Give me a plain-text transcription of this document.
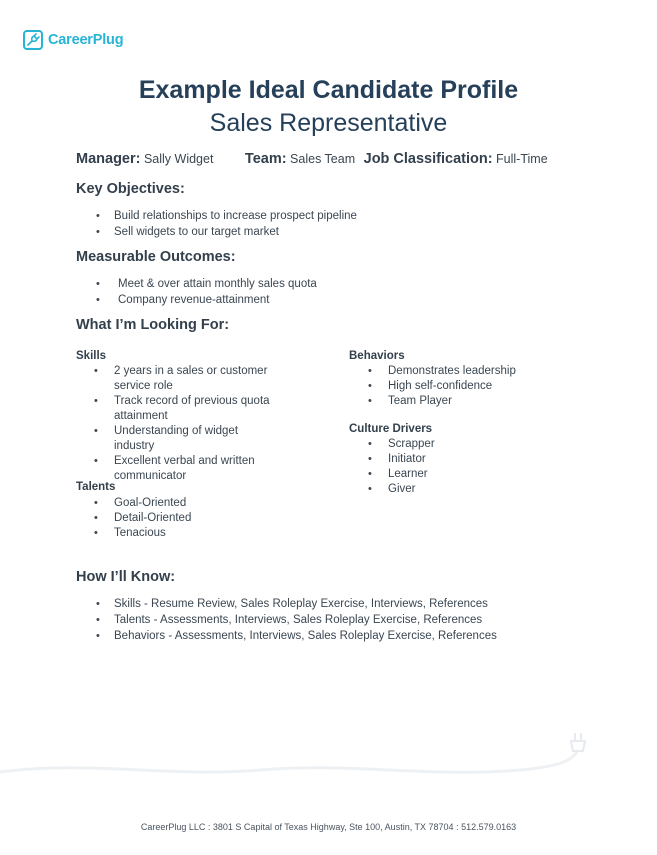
CareerPlug
Example Ideal Candidate Profile
Sales Representative
Manager: Sally Widget Team: Sales Team Job Classification: Full-Time
Key Objectives:
• Build relationships to increase prospect pipeline
• Sell widgets to our target market
Measurable Outcomes:
• Meet & over attain monthly sales quota
• Company revenue-attainment
What I’m Looking For:
Skills
• 2 years in a sales or customer service role
• Track record of previous quota attainment
• Understanding of widget industry
• Excellent verbal and written communicator
Talents
• Goal-Oriented
• Detail-Oriented
• Tenacious
Behaviors
• Demonstrates leadership
• High self-confidence
• Team Player
Culture Drivers
• Scrapper
• Initiator
• Learner
• Giver
How I’ll Know:
• Skills - Resume Review, Sales Roleplay Exercise, Interviews, References
• Talents - Assessments, Interviews, Sales Roleplay Exercise, References
• Behaviors - Assessments, Interviews, Sales Roleplay Exercise, References
CareerPlug LLC : 3801 S Capital of Texas Highway, Ste 100, Austin, TX 78704 : 512.579.0163
